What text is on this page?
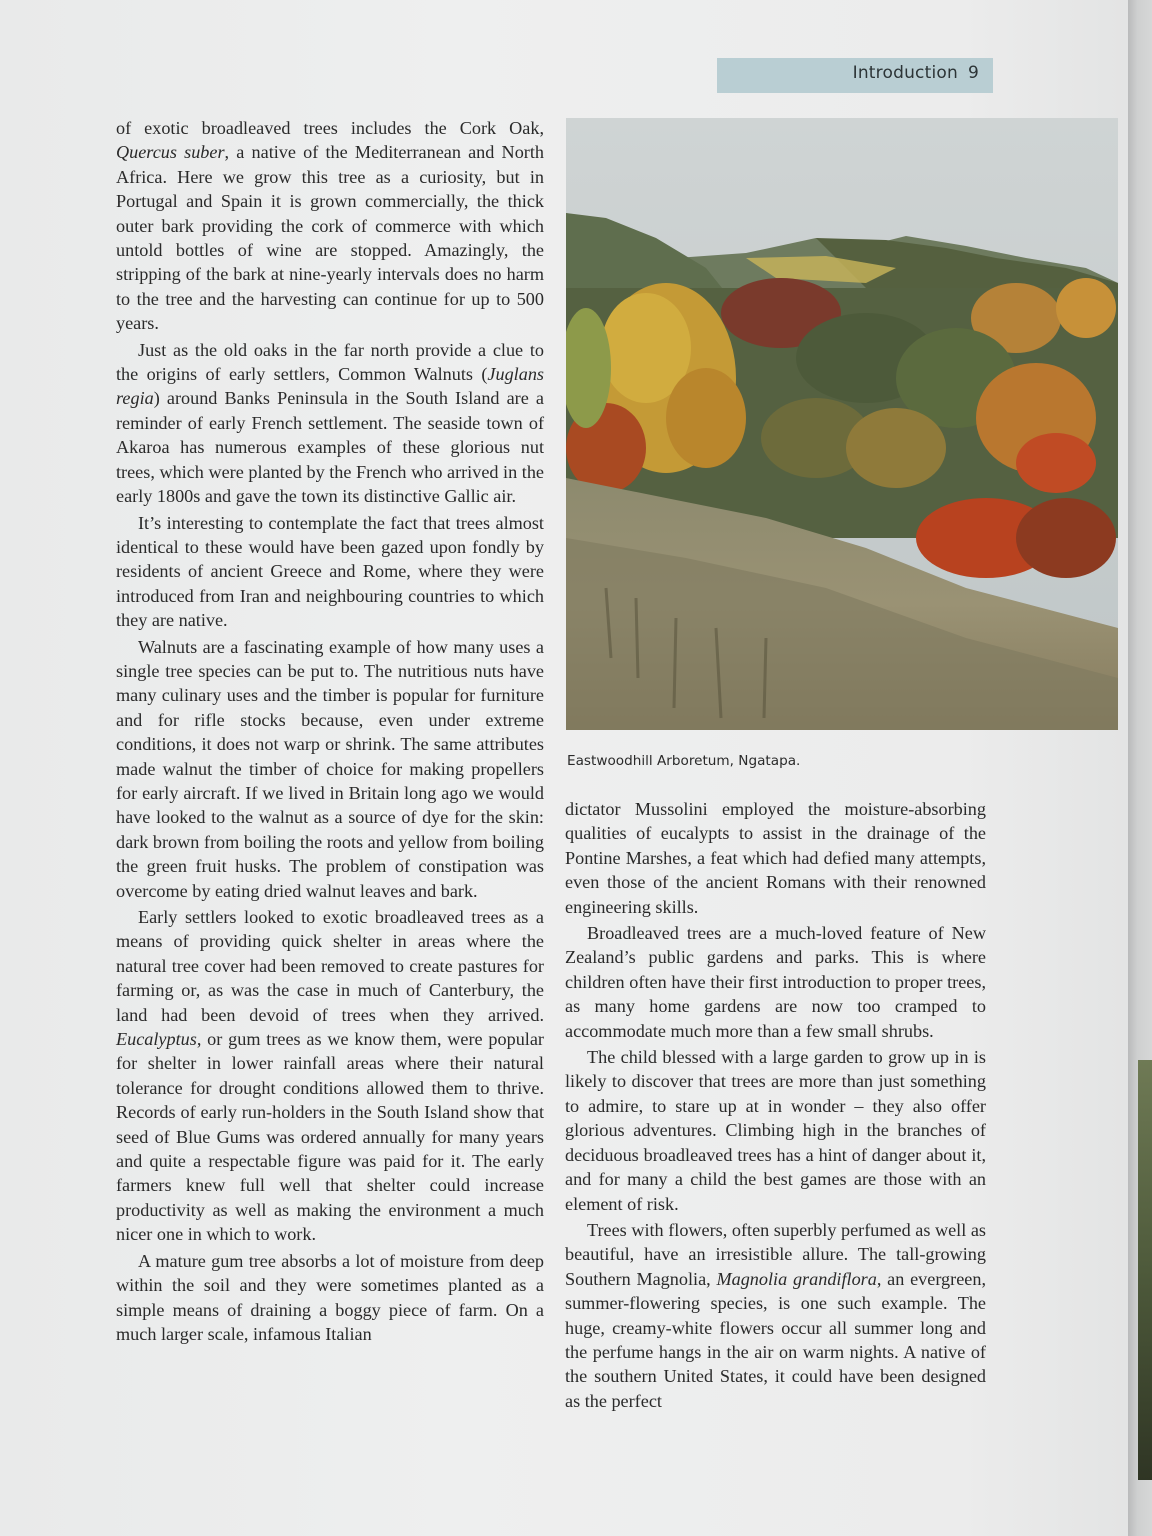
Introduction 9

of exotic broadleaved trees includes the Cork Oak, Quercus suber, a native of the Mediterranean and North Africa. Here we grow this tree as a curiosity, but in Portugal and Spain it is grown commercially, the thick outer bark providing the cork of commerce with which untold bottles of wine are stopped. Amazingly, the stripping of the bark at nine-yearly intervals does no harm to the tree and the harvesting can continue for up to 500 years.

Just as the old oaks in the far north provide a clue to the origins of early settlers, Common Walnuts (Juglans regia) around Banks Peninsula in the South Island are a reminder of early French settlement. The seaside town of Akaroa has numerous examples of these glorious nut trees, which were planted by the French who arrived in the early 1800s and gave the town its distinctive Gallic air.

It’s interesting to contemplate the fact that trees almost identical to these would have been gazed upon fondly by residents of ancient Greece and Rome, where they were introduced from Iran and neighbouring countries to which they are native.

Walnuts are a fascinating example of how many uses a single tree species can be put to. The nutritious nuts have many culinary uses and the timber is popular for furniture and for rifle stocks because, even under extreme conditions, it does not warp or shrink. The same attributes made walnut the timber of choice for making propellers for early aircraft. If we lived in Britain long ago we would have looked to the walnut as a source of dye for the skin: dark brown from boiling the roots and yellow from boiling the green fruit husks. The problem of constipation was overcome by eating dried walnut leaves and bark.

Early settlers looked to exotic broadleaved trees as a means of providing quick shelter in areas where the natural tree cover had been removed to create pastures for farming or, as was the case in much of Canterbury, the land had been devoid of trees when they arrived. Eucalyptus, or gum trees as we know them, were popular for shelter in lower rainfall areas where their natural tolerance for drought conditions allowed them to thrive. Records of early run-holders in the South Island show that seed of Blue Gums was ordered annually for many years and quite a respectable figure was paid for it. The early farmers knew full well that shelter could increase productivity as well as making the environment a much nicer one in which to work.

A mature gum tree absorbs a lot of moisture from deep within the soil and they were sometimes planted as a simple means of draining a boggy piece of farm. On a much larger scale, infamous Italian

Eastwoodhill Arboretum, Ngatapa.

dictator Mussolini employed the moisture-absorbing qualities of eucalypts to assist in the drainage of the Pontine Marshes, a feat which had defied many attempts, even those of the ancient Romans with their renowned engineering skills.

Broadleaved trees are a much-loved feature of New Zealand’s public gardens and parks. This is where children often have their first introduction to proper trees, as many home gardens are now too cramped to accommodate much more than a few small shrubs.

The child blessed with a large garden to grow up in is likely to discover that trees are more than just something to admire, to stare up at in wonder – they also offer glorious adventures. Climbing high in the branches of deciduous broadleaved trees has a hint of danger about it, and for many a child the best games are those with an element of risk.

Trees with flowers, often superbly perfumed as well as beautiful, have an irresistible allure. The tall-growing Southern Magnolia, Magnolia grandiflora, an evergreen, summer-flowering species, is one such example. The huge, creamy-white flowers occur all summer long and the perfume hangs in the air on warm nights. A native of the southern United States, it could have been designed as the perfect
